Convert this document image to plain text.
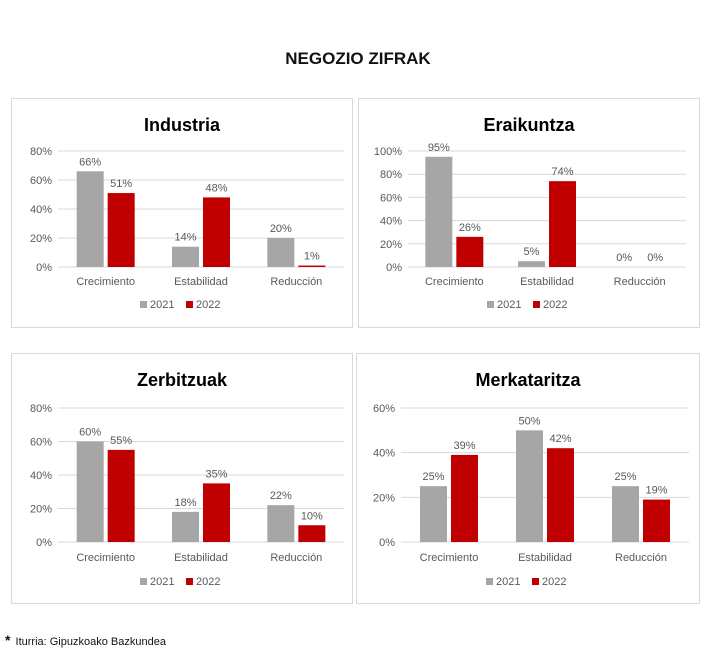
NEGOZIO ZIFRAK
Industria
0%
20%
40%
60%
80%
66%
51%
Crecimiento
14%
48%
Estabilidad
20%
1%
Reducción
2021 2022
Eraikuntza
0%
20%
40%
60%
80%
100% 95%
26%
Crecimiento
5%
74%
Estabilidad
0% 0%
Reducción
2021 2022
Zerbitzuak
0%
20%
40%
60%
80%
60%
55%
Crecimiento
18%
35%
Estabilidad
22%
10%
Reducción
2021 2022
Merkataritza
0%
20%
40%
60%
25%
39%
Crecimiento
50%
42%
Estabilidad
25%
19%
Reducción
2021 2022
* Iturria: Gipuzkoako Bazkundea
